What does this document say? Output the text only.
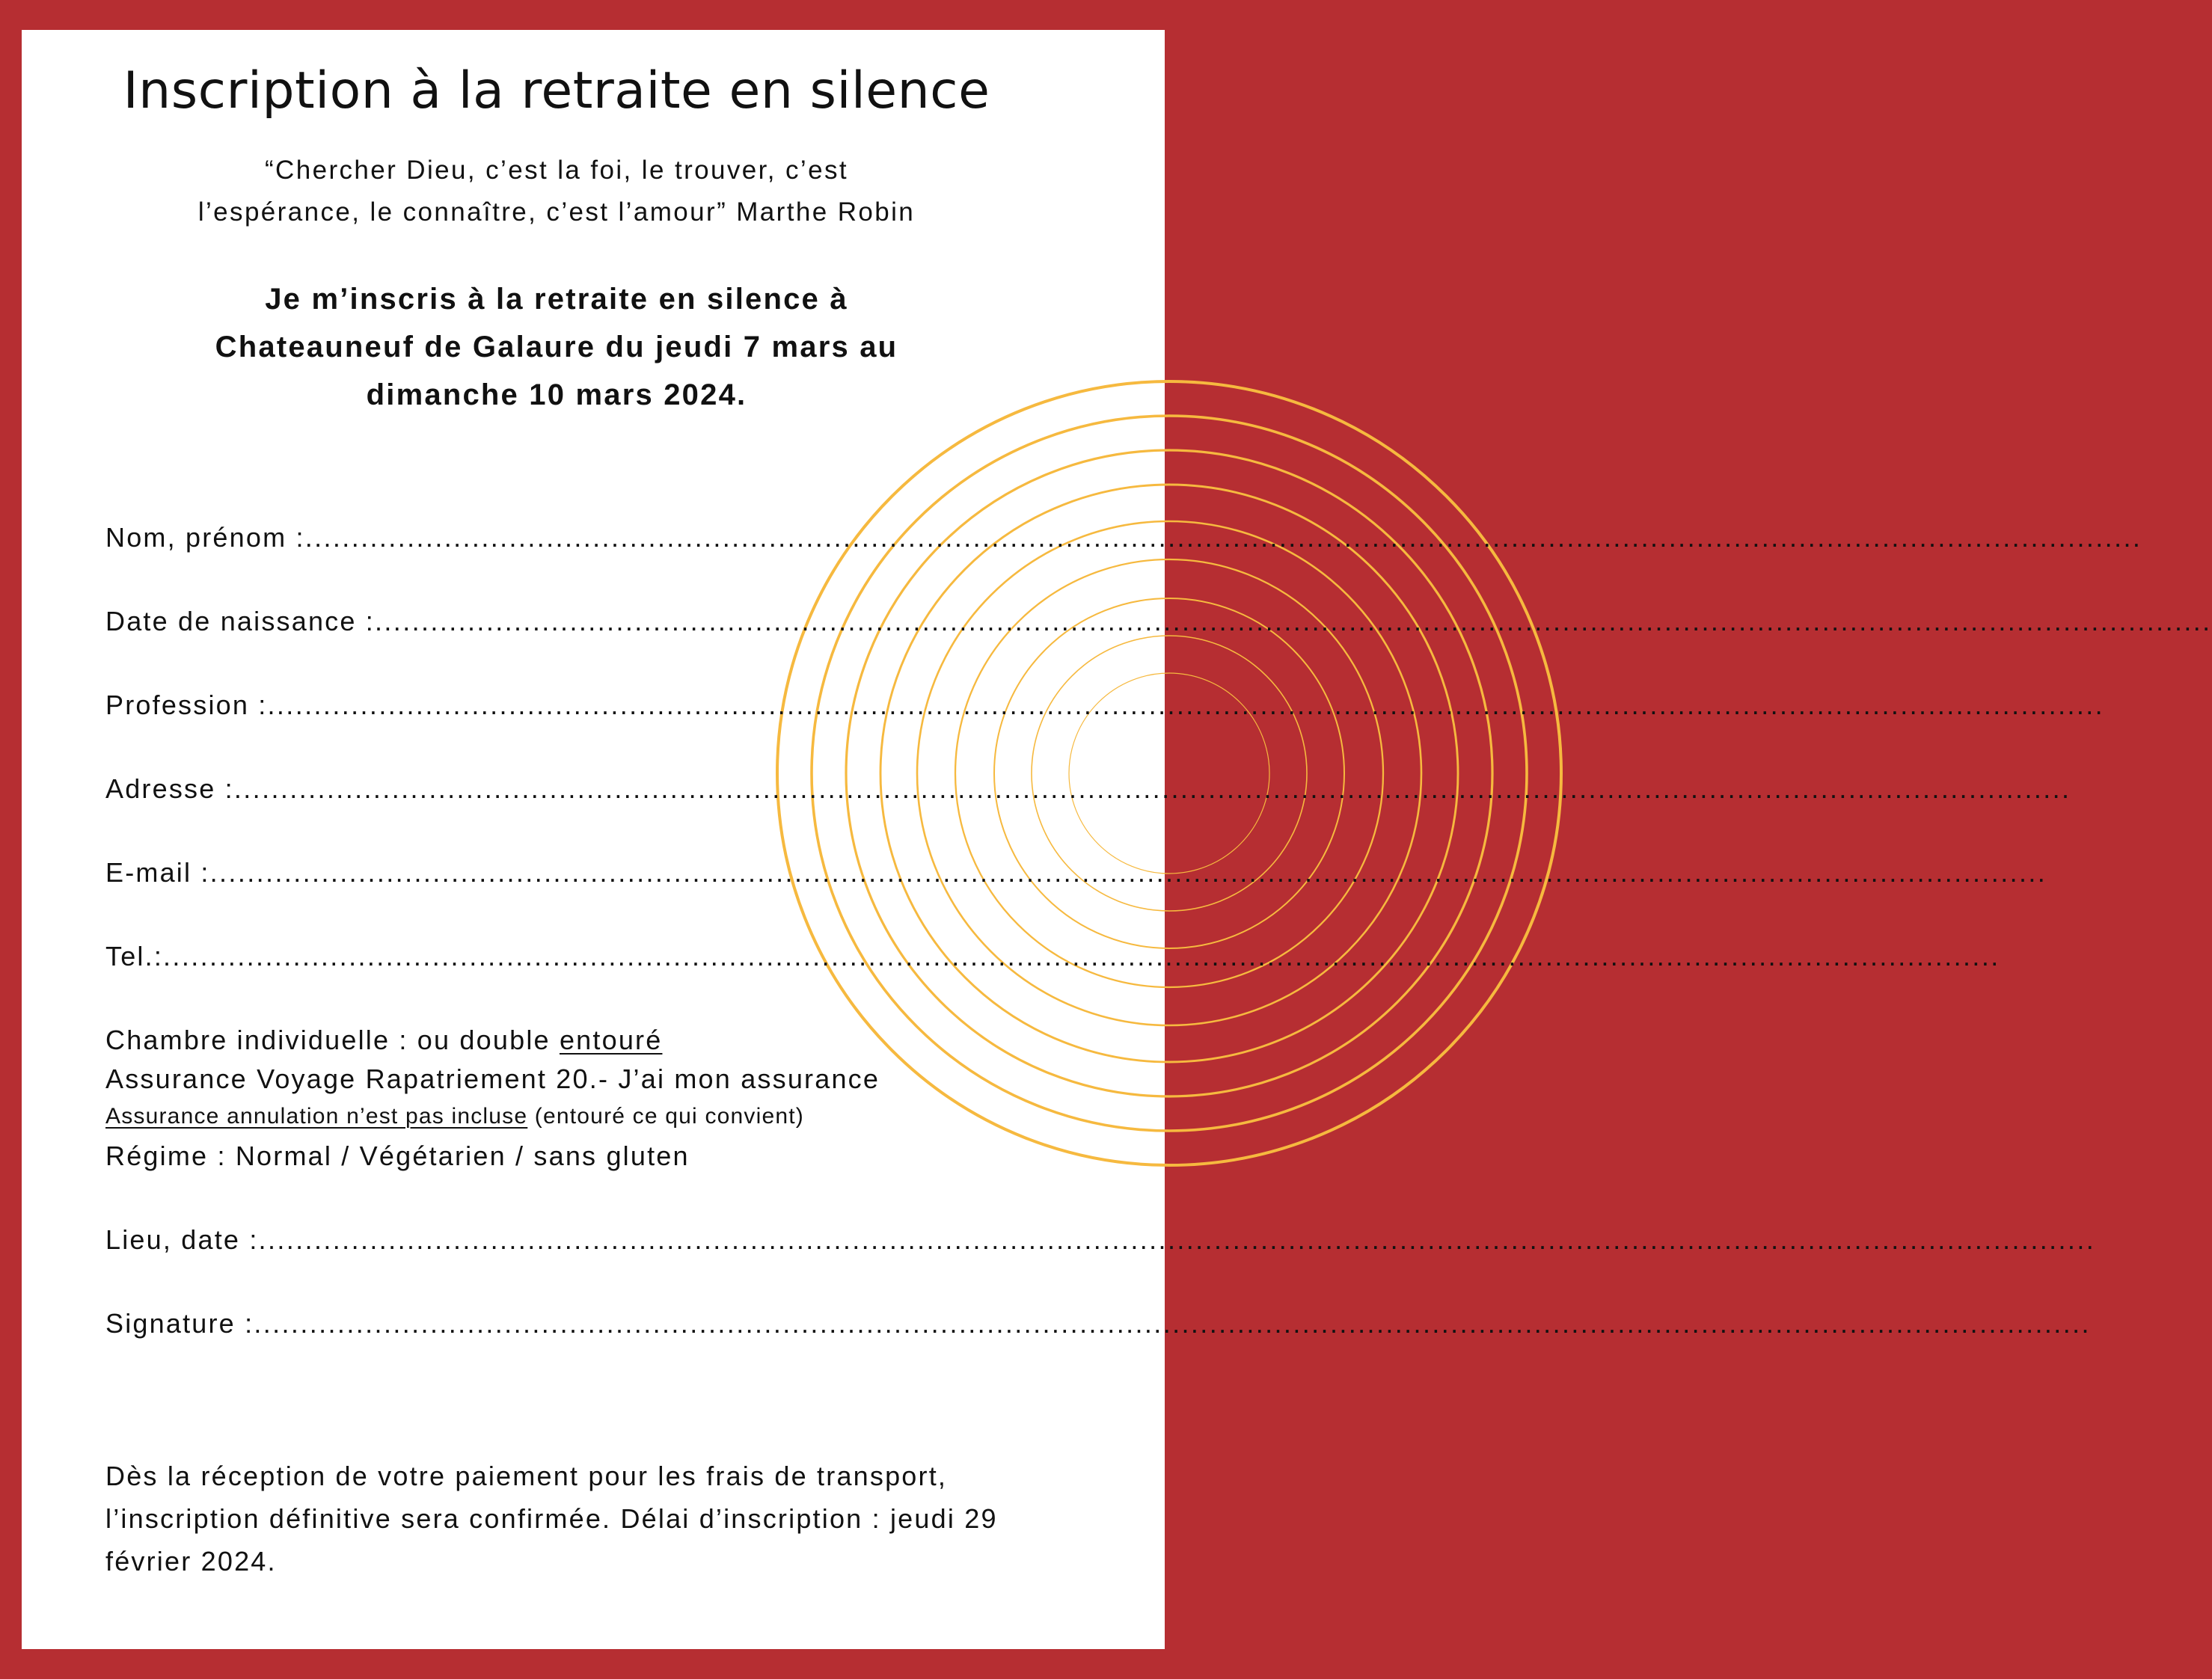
Inscription à la retraite en silence
“Chercher Dieu, c’est la foi, le trouver, c’est
l’espérance, le connaître, c’est l’amour” Marthe Robin
Je m’inscris à la retraite en silence à
Chateauneuf de Galaure du jeudi 7 mars au
dimanche 10 mars 2024.
Nom, prénom : ......................................................................................................................................................................................................
Date de naissance : ......................................................................................................................................................................................................
Profession : ......................................................................................................................................................................................................
Adresse : ......................................................................................................................................................................................................
E-mail : ......................................................................................................................................................................................................
Tel.: ......................................................................................................................................................................................................
Chambre individuelle : ou double entouré
Assurance Voyage Rapatriement 20.- J’ai mon assurance
Assurance annulation n’est pas incluse (entouré ce qui convient)
Régime : Normal / Végétarien / sans gluten
Lieu, date : ......................................................................................................................................................................................................
Signature : ......................................................................................................................................................................................................
Dès la réception de votre paiement pour les frais de transport,
l’inscription définitive sera confirmée. Délai d’inscription : jeudi 29
février 2024.
